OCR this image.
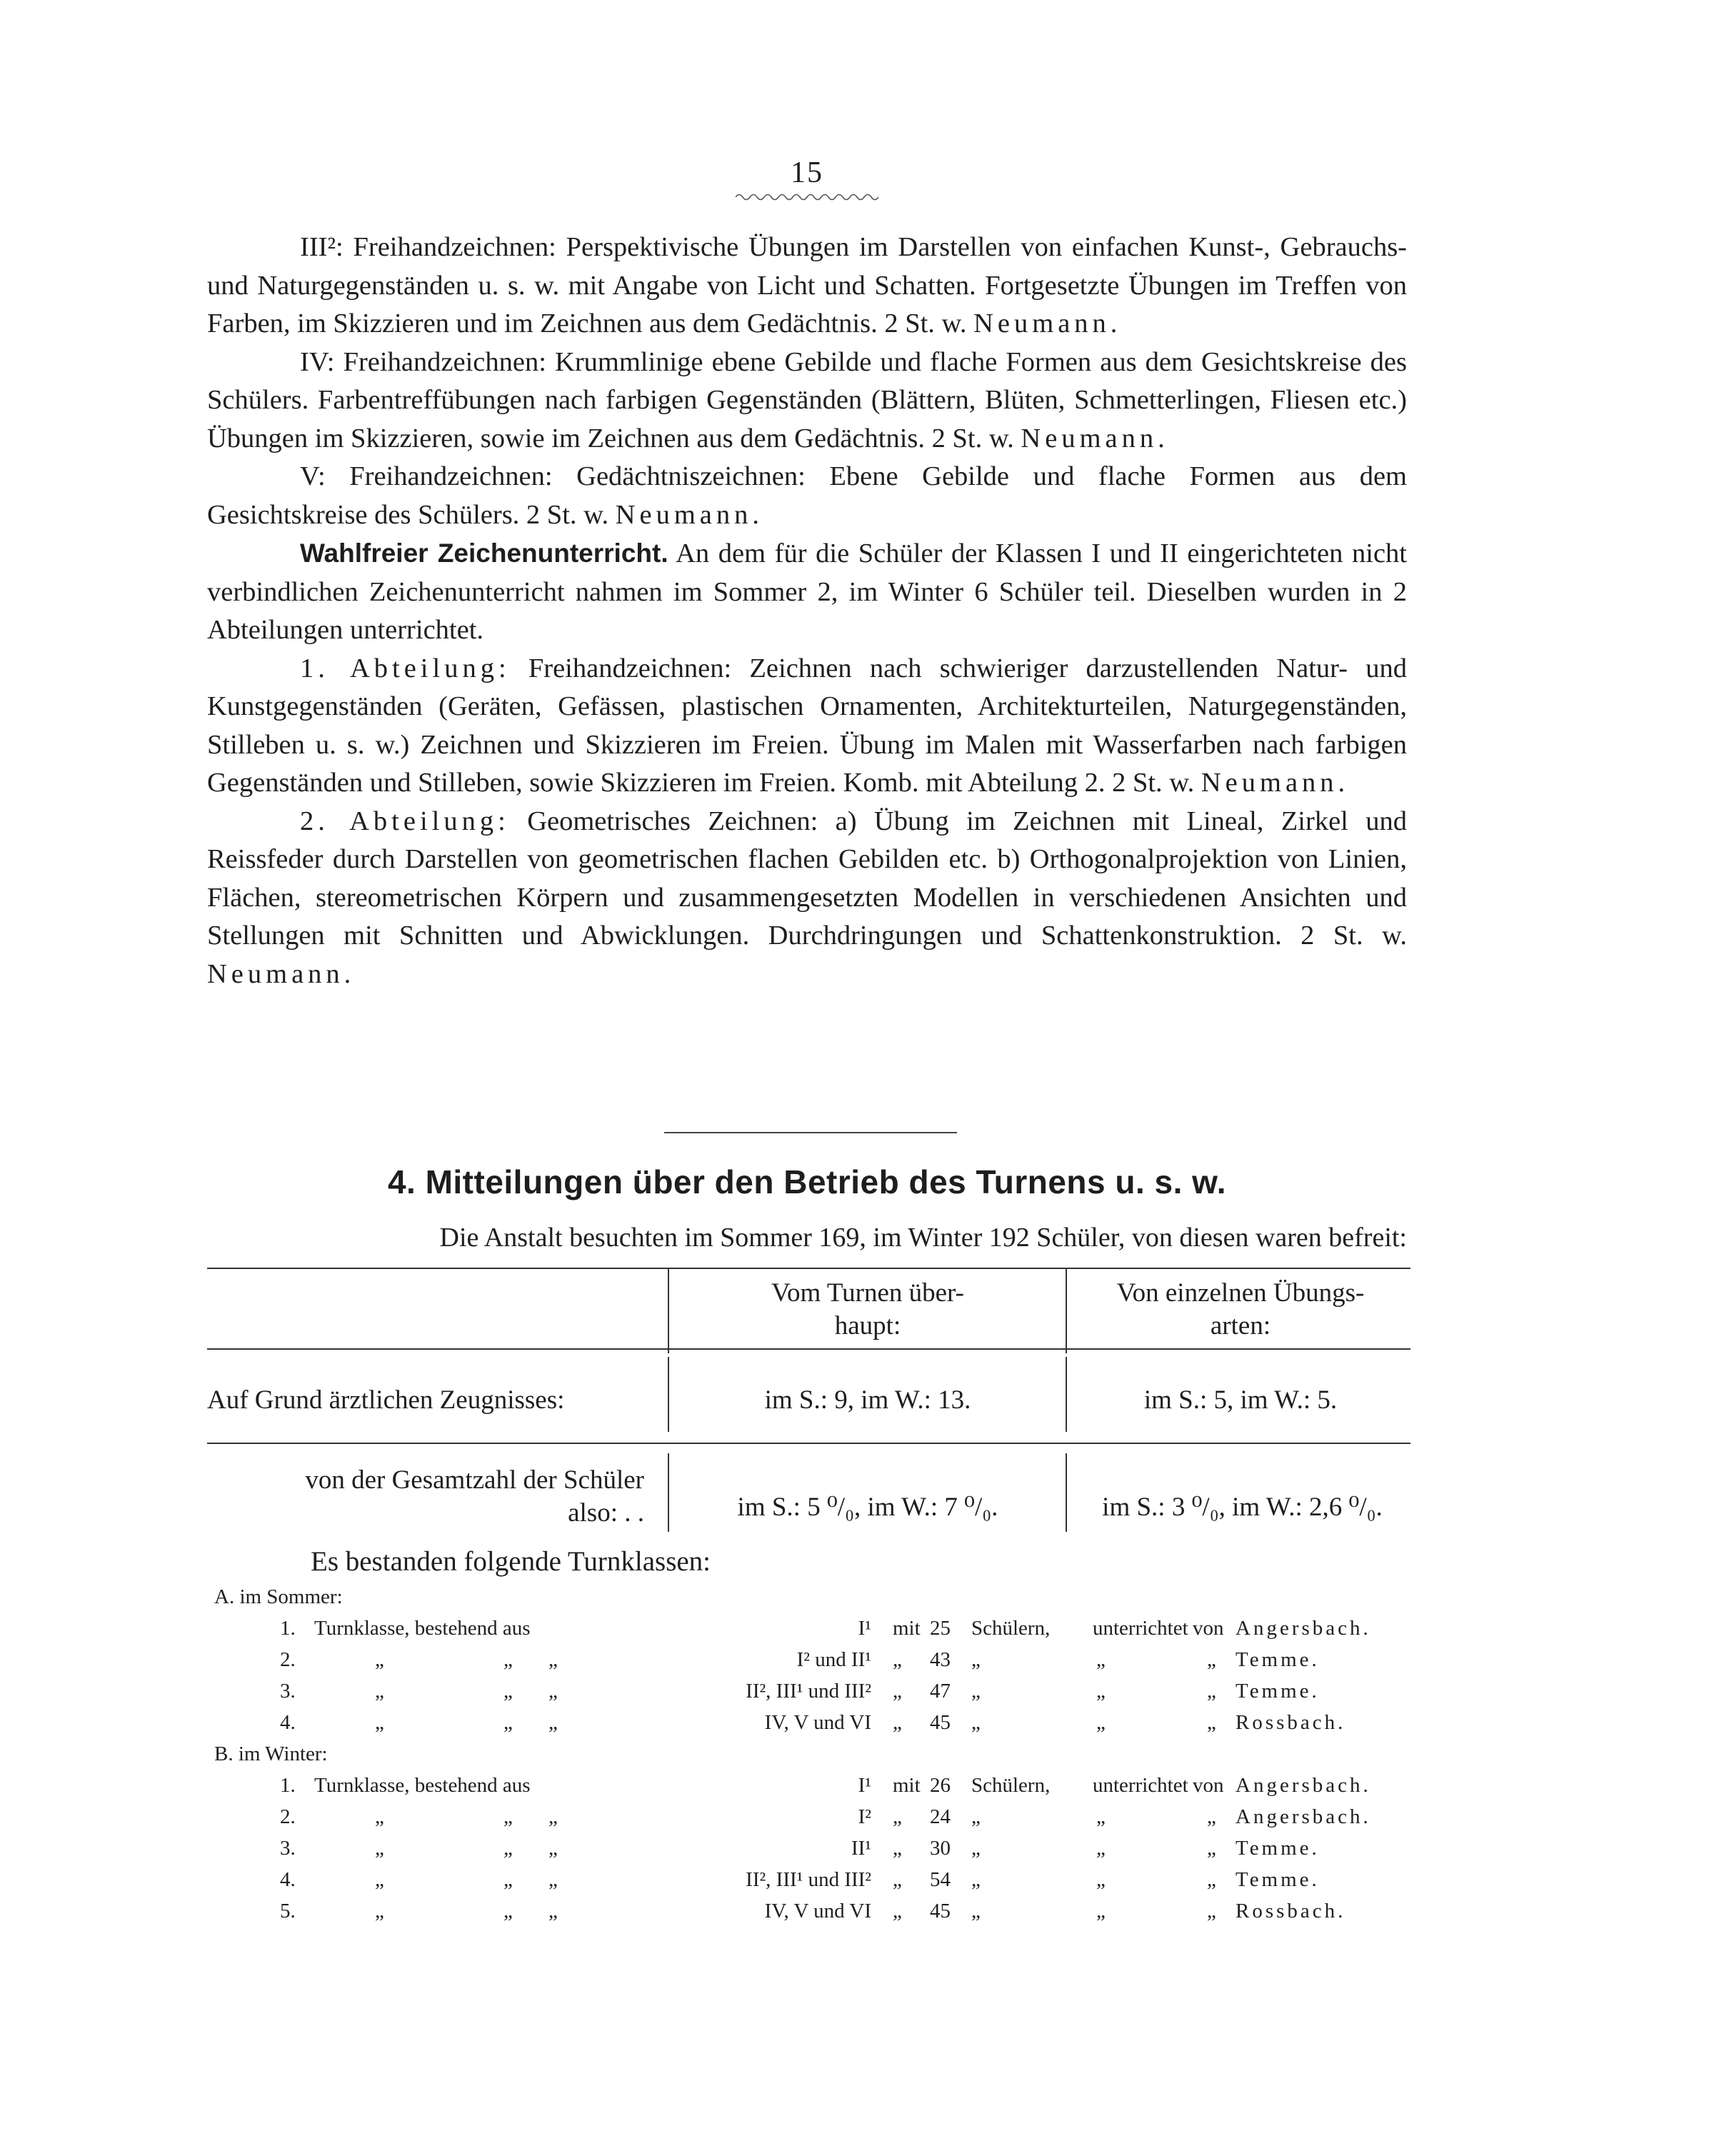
15

III²: Freihandzeichnen: Perspektivische Übungen im Darstellen von einfachen Kunst-, Gebrauchs- und Naturgegenständen u. s. w. mit Angabe von Licht und Schatten. Fortgesetzte Übungen im Treffen von Farben, im Skizzieren und im Zeichnen aus dem Gedächtnis. 2 St. w. Neumann.

IV: Freihandzeichnen: Krummlinige ebene Gebilde und flache Formen aus dem Gesichtskreise des Schülers. Farbentreffübungen nach farbigen Gegenständen (Blättern, Blüten, Schmetterlingen, Fliesen etc.) Übungen im Skizzieren, sowie im Zeichnen aus dem Gedächtnis. 2 St. w. Neumann.

V: Freihandzeichnen: Gedächtniszeichnen: Ebene Gebilde und flache Formen aus dem Gesichtskreise des Schülers. 2 St. w. Neumann.

Wahlfreier Zeichenunterricht. An dem für die Schüler der Klassen I und II eingerichteten nicht verbindlichen Zeichenunterricht nahmen im Sommer 2, im Winter 6 Schüler teil. Dieselben wurden in 2 Abteilungen unterrichtet.

1. Abteilung: Freihandzeichnen: Zeichnen nach schwieriger darzustellenden Natur- und Kunstgegenständen (Geräten, Gefässen, plastischen Ornamenten, Architekturteilen, Naturgegenständen, Stilleben u. s. w.) Zeichnen und Skizzieren im Freien. Übung im Malen mit Wasserfarben nach farbigen Gegenständen und Stilleben, sowie Skizzieren im Freien. Komb. mit Abteilung 2. 2 St. w. Neumann.

2. Abteilung: Geometrisches Zeichnen: a) Übung im Zeichnen mit Lineal, Zirkel und Reissfeder durch Darstellen von geometrischen flachen Gebilden etc. b) Orthogonalprojektion von Linien, Flächen, stereometrischen Körpern und zusammengesetzten Modellen in verschiedenen Ansichten und Stellungen mit Schnitten und Abwicklungen. Durchdringungen und Schattenkonstruktion. 2 St. w. Neumann.

4. Mitteilungen über den Betrieb des Turnens u. s. w.
Die Anstalt besuchten im Sommer 169, im Winter 192 Schüler, von diesen waren befreit:
Vom Turnen über-
haupt:
Von einzelnen Übungs-
arten:
Auf Grund ärztlichen Zeugnisses:	im S.: 9, im W.: 13.	im S.: 5, im W.: 5.
von der Gesamtzahl der Schüler
also: . .	im S.: 5 ⁰/₀, im W.: 7 ⁰/₀.	im S.: 3 ⁰/₀, im W.: 2,6 ⁰/₀.
Es bestanden folgende Turnklassen:
A. im Sommer:
1. Turnklasse, bestehend aus	I¹ mit 25 Schülern, unterrichtet von Angersbach.
2.	„	„ „	I² und II¹ „ 43 „	„	„ Temme.
3.	„	„ „	II², III¹ und III² „ 47 „	„	„ Temme.
4.	„	„ „	IV, V und VI „ 45 „	„	„ Rossbach.
B. im Winter:
1. Turnklasse, bestehend aus	I¹ mit 26 Schülern, unterrichtet von Angersbach.
2.	„	„ „	I² „ 24 „	„	„ Angersbach.
3.	„	„ „	II¹ „ 30 „	„	„ Temme.
4.	„	„ „	II², III¹ und III² „ 54 „	„	„ Temme.
5.	„	„ „	IV, V und VI „ 45 „	„	„ Rossbach.
